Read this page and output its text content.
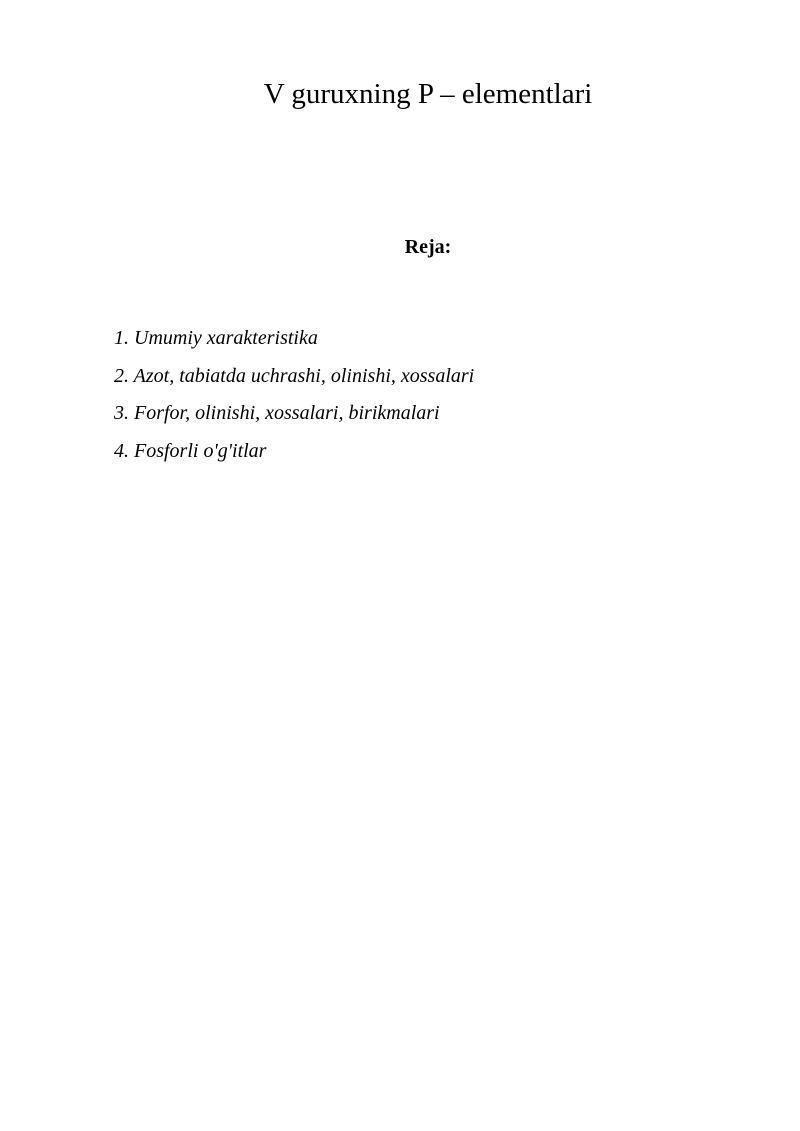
V guruxning P – elementlari
Reja:
1. Umumiy xarakteristika
2. Azot, tabiatda uchrashi, olinishi, xossalari
3. Forfor, olinishi, xossalari, birikmalari
4. Fosforli o'g'itlar
